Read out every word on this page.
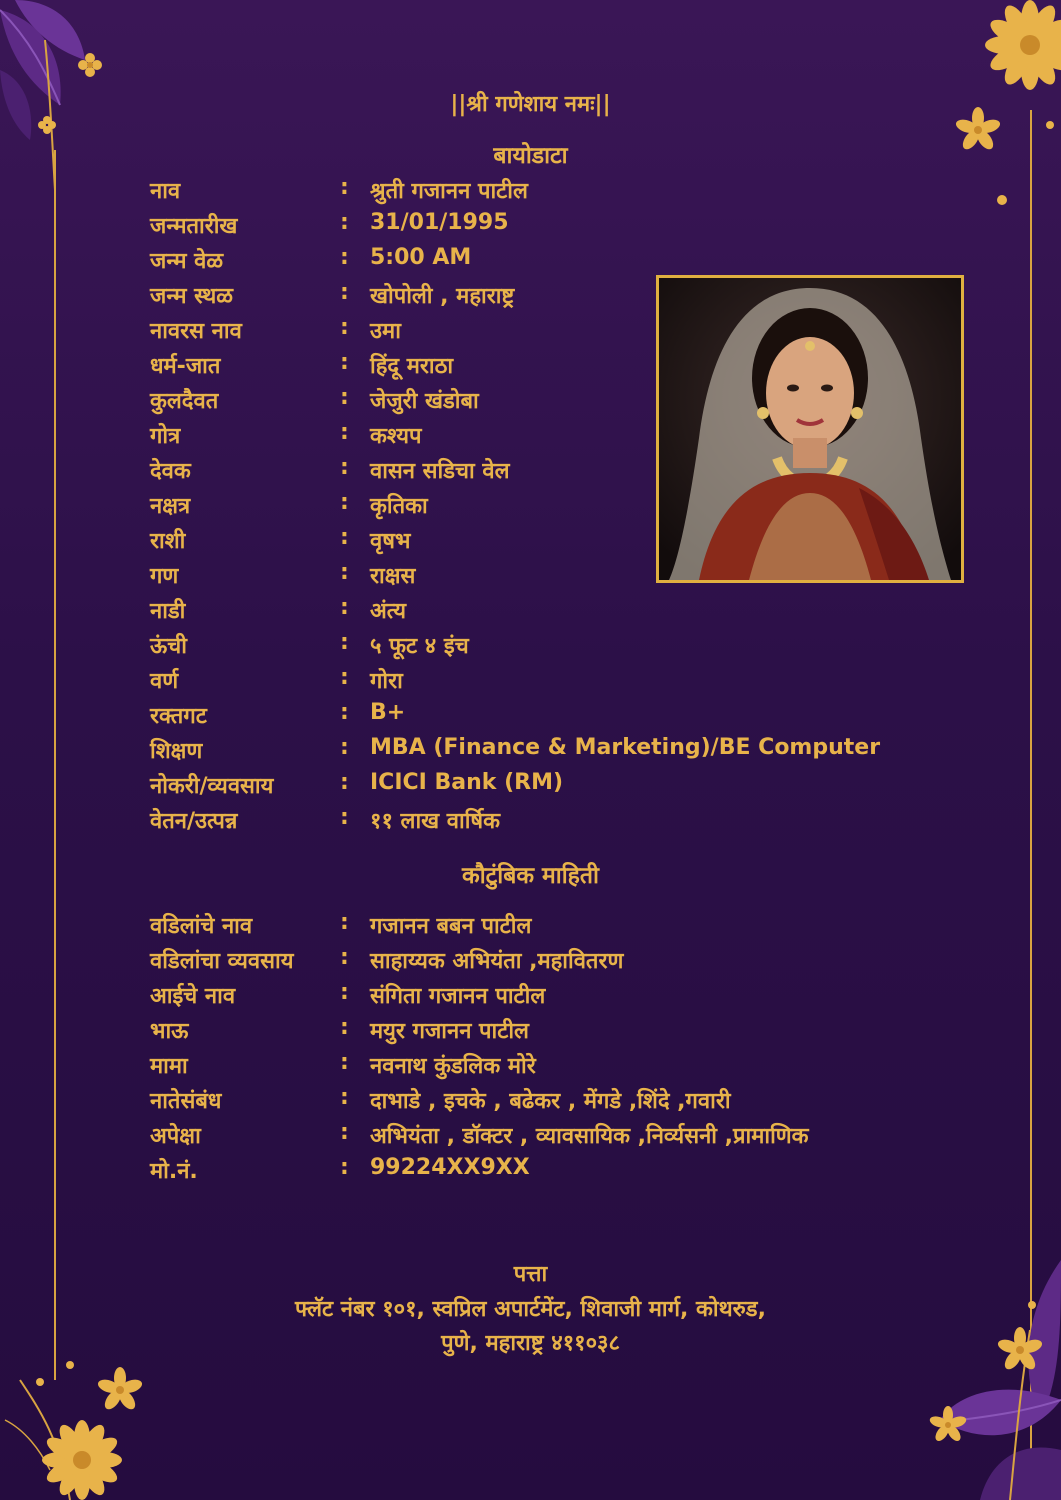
||श्री गणेशाय नमः||
बायोडाटा
नाव	: श्रुती गजानन पाटील
जन्मतारीख	: 31/01/1995
जन्म वेळ	: 5:00 AM
जन्म स्थळ	: खोपोली , महाराष्ट्र
नावरस नाव	: उमा
धर्म-जात	: हिंदू मराठा
कुलदैवत	: जेजुरी खंडोबा
गोत्र	: कश्यप
देवक	: वासन सडिचा वेल
नक्षत्र	: कृतिका
राशी	: वृषभ
गण	: राक्षस
नाडी	: अंत्य
ऊंची	: ५ फूट ४ इंच
वर्ण	: गोरा
रक्तगट	: B+
शिक्षण	: MBA (Finance & Marketing)/BE Computer
नोकरी/व्यवसाय	: ICICI Bank (RM)
वेतन/उत्पन्न	: ११ लाख वार्षिक
कौटुंबिक माहिती
वडिलांचे नाव	: गजानन बबन पाटील
वडिलांचा व्यवसाय : साहाय्यक अभियंता ,महावितरण
आईचे नाव	: संगिता गजानन पाटील
भाऊ	: मयुर गजानन पाटील
मामा	: नवनाथ कुंडलिक मोरे
नातेसंबंध	: दाभाडे , इचके , बढेकर , मेंगडे ,शिंदे ,गवारी
अपेक्षा	: अभियंता , डॉक्टर , व्यावसायिक ,निर्व्यसनी ,प्रामाणिक
मो.नं.	: 99224XX9XX
पत्ता
फ्लॅट नंबर १०१, स्वप्रिल अपार्टमेंट, शिवाजी मार्ग, कोथरुड,
पुणे, महाराष्ट्र ४११०३८
